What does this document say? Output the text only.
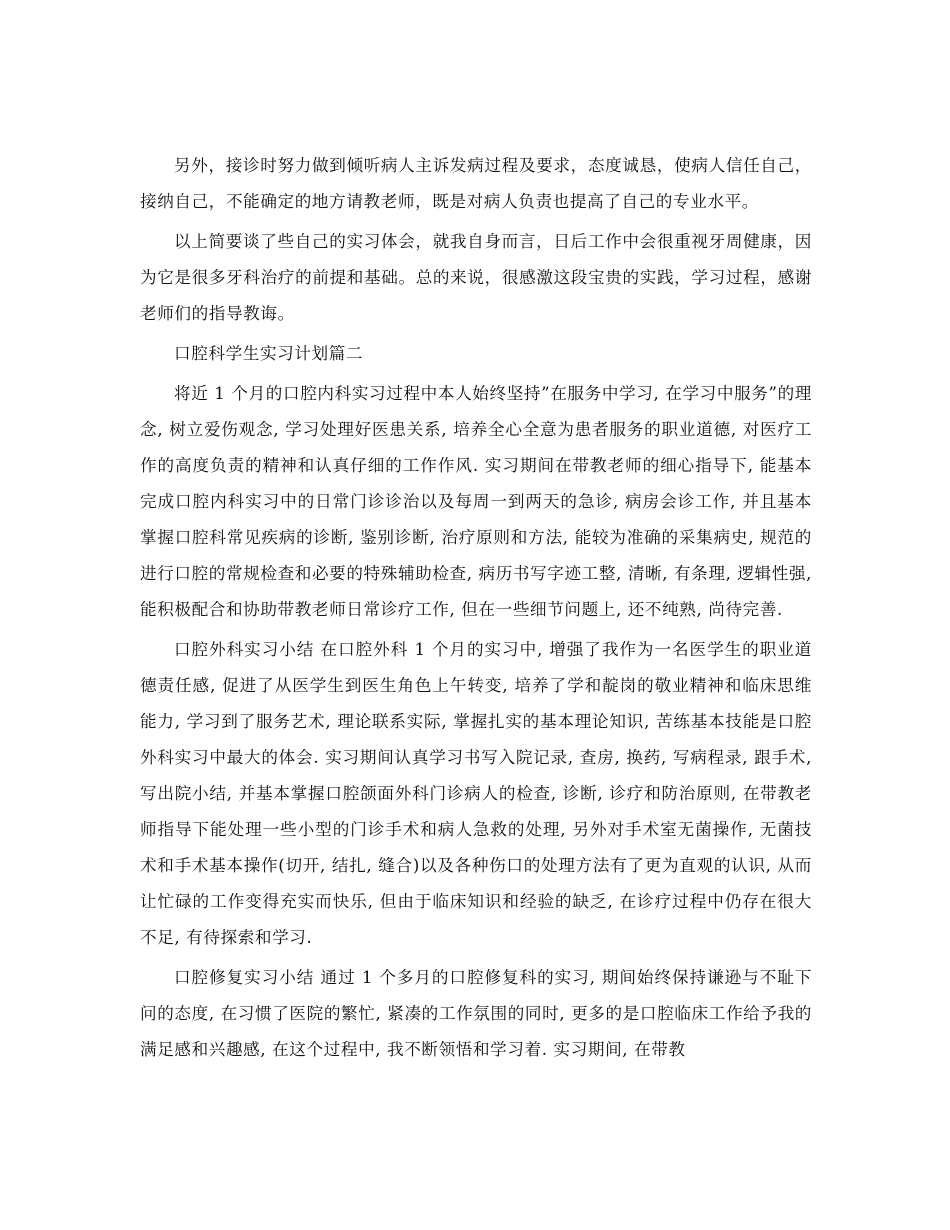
另外，接诊时努力做到倾听病人主诉发病过程及要求，态度诚恳，使病人信任自己，接纳自己，不能确定的地方请教老师，既是对病人负责也提高了自己的专业水平。

以上简要谈了些自己的实习体会，就我自身而言，日后工作中会很重视牙周健康，因为它是很多牙科治疗的前提和基础。总的来说，很感激这段宝贵的实践，学习过程，感谢老师们的指导教诲。

口腔科学生实习计划篇二

将近 1 个月的口腔内科实习过程中本人始终坚持”在服务中学习, 在学习中服务”的理念, 树立爱伤观念, 学习处理好医患关系, 培养全心全意为患者服务的职业道德, 对医疗工作的高度负责的精神和认真仔细的工作作风. 实习期间在带教老师的细心指导下, 能基本完成口腔内科实习中的日常门诊诊治以及每周一到两天的急诊, 病房会诊工作, 并且基本掌握口腔科常见疾病的诊断, 鉴别诊断, 治疗原则和方法, 能较为准确的采集病史, 规范的进行口腔的常规检查和必要的特殊辅助检查, 病历书写字迹工整, 清晰, 有条理, 逻辑性强, 能积极配合和协助带教老师日常诊疗工作, 但在一些细节问题上, 还不纯熟, 尚待完善.

口腔外科实习小结 在口腔外科 1 个月的实习中, 增强了我作为一名医学生的职业道德责任感, 促进了从医学生到医生角色上午转变, 培养了学和靛岗的敬业精神和临床思维能力, 学习到了服务艺术, 理论联系实际, 掌握扎实的基本理论知识, 苦练基本技能是口腔外科实习中最大的体会. 实习期间认真学习书写入院记录, 查房, 换药, 写病程录, 跟手术, 写出院小结, 并基本掌握口腔颌面外科门诊病人的检查, 诊断, 诊疗和防治原则, 在带教老师指导下能处理一些小型的门诊手术和病人急救的处理, 另外对手术室无菌操作, 无菌技术和手术基本操作(切开, 结扎, 缝合)以及各种伤口的处理方法有了更为直观的认识, 从而让忙碌的工作变得充实而快乐, 但由于临床知识和经验的缺乏, 在诊疗过程中仍存在很大不足, 有待探索和学习.

口腔修复实习小结 通过 1 个多月的口腔修复科的实习, 期间始终保持谦逊与不耻下问的态度, 在习惯了医院的繁忙, 紧凑的工作氛围的同时, 更多的是口腔临床工作给予我的满足感和兴趣感, 在这个过程中, 我不断领悟和学习着. 实习期间, 在带教
